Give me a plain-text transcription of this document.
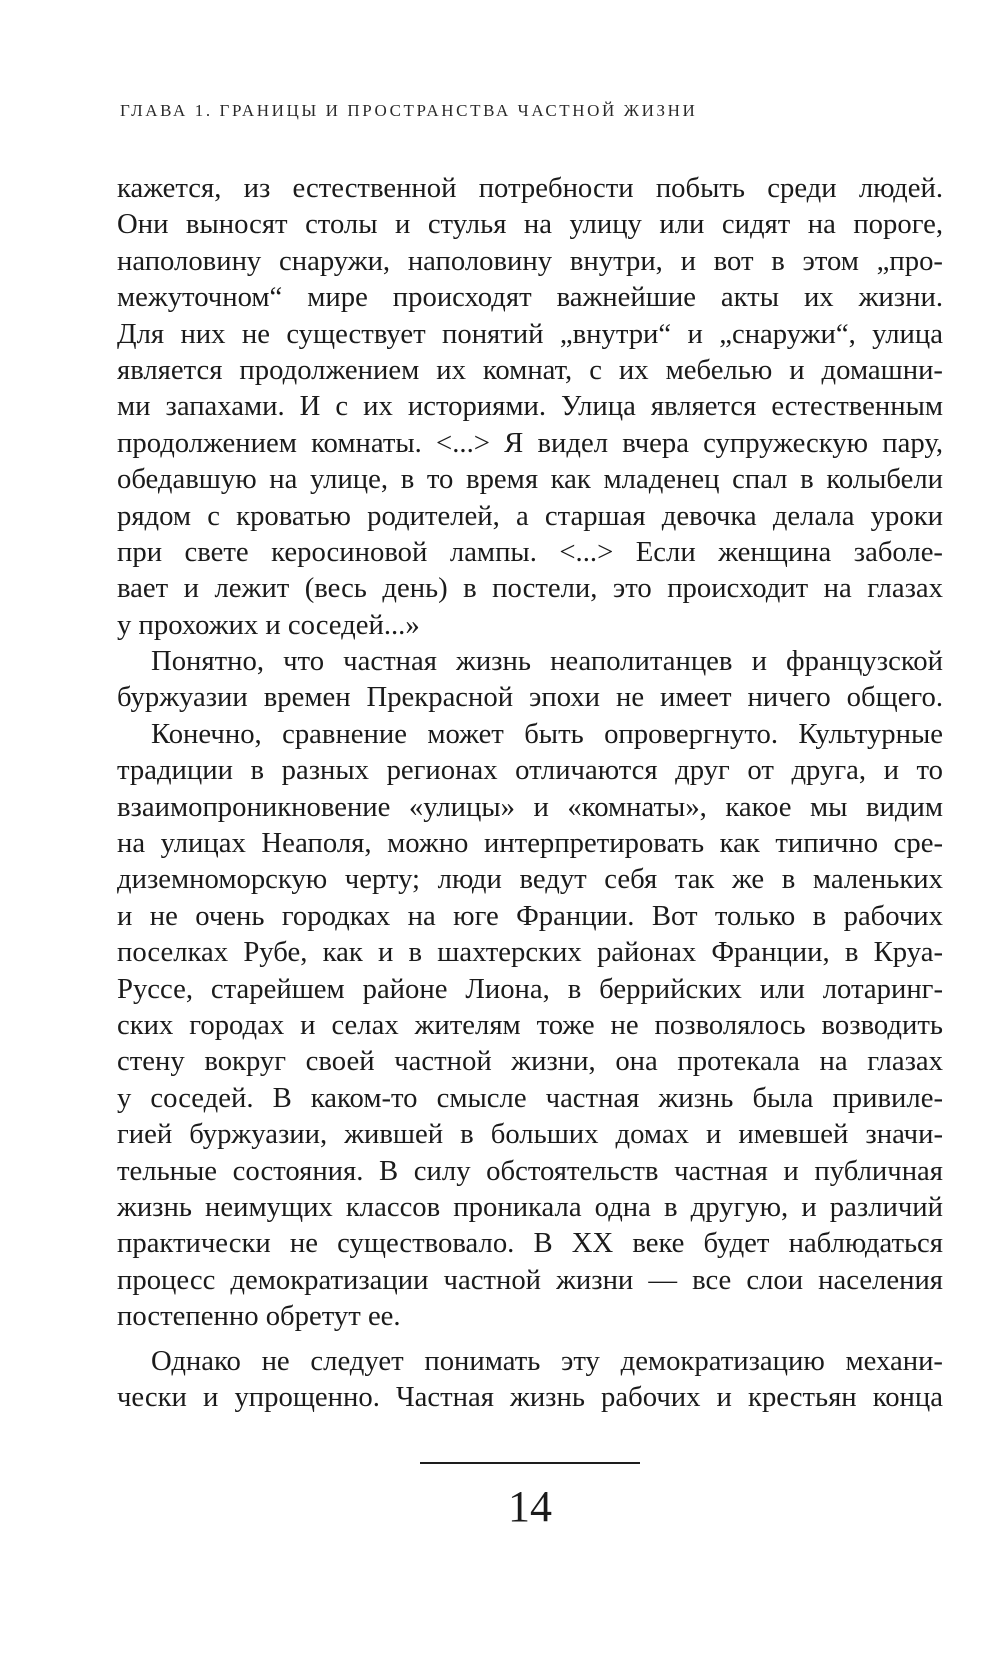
ГЛАВА 1. ГРАНИЦЫ И ПРОСТРАНСТВА ЧАСТНОЙ ЖИЗНИ
кажется, из естественной потребности побыть среди людей.
Они выносят столы и стулья на улицу или сидят на пороге,
наполовину снаружи, наполовину внутри, и вот в этом „про-
межуточном“ мире происходят важнейшие акты их жизни.
Для них не существует понятий „внутри“ и „снаружи“, улица
является продолжением их комнат, с их мебелью и домашни-
ми запахами. И с их историями. Улица является естественным
продолжением комнаты. <...> Я видел вчера супружескую пару,
обедавшую на улице, в то время как младенец спал в колыбели
рядом с кроватью родителей, а старшая девочка делала уроки
при свете керосиновой лампы. <...> Если женщина заболе-
вает и лежит (весь день) в постели, это происходит на глазах
у прохожих и соседей...»
Понятно, что частная жизнь неаполитанцев и французской
буржуазии времен Прекрасной эпохи не имеет ничего общего.
Конечно, сравнение может быть опровергнуто. Культурные
традиции в разных регионах отличаются друг от друга, и то
взаимопроникновение «улицы» и «комнаты», какое мы видим
на улицах Неаполя, можно интерпретировать как типично сре-
диземноморскую черту; люди ведут себя так же в маленьких
и не очень городках на юге Франции. Вот только в рабочих
поселках Рубе, как и в шахтерских районах Франции, в Круа-
Руссе, старейшем районе Лиона, в беррийских или лотаринг-
ских городах и селах жителям тоже не позволялось возводить
стену вокруг своей частной жизни, она протекала на глазах
у соседей. В каком-то смысле частная жизнь была привиле-
гией буржуазии, жившей в больших домах и имевшей значи-
тельные состояния. В силу обстоятельств частная и публичная
жизнь неимущих классов проникала одна в другую, и различий
практически не существовало. В XX веке будет наблюдаться
процесс демократизации частной жизни — все слои населения
постепенно обретут ее.
Однако не следует понимать эту демократизацию механи-
чески и упрощенно. Частная жизнь рабочих и крестьян конца
14
